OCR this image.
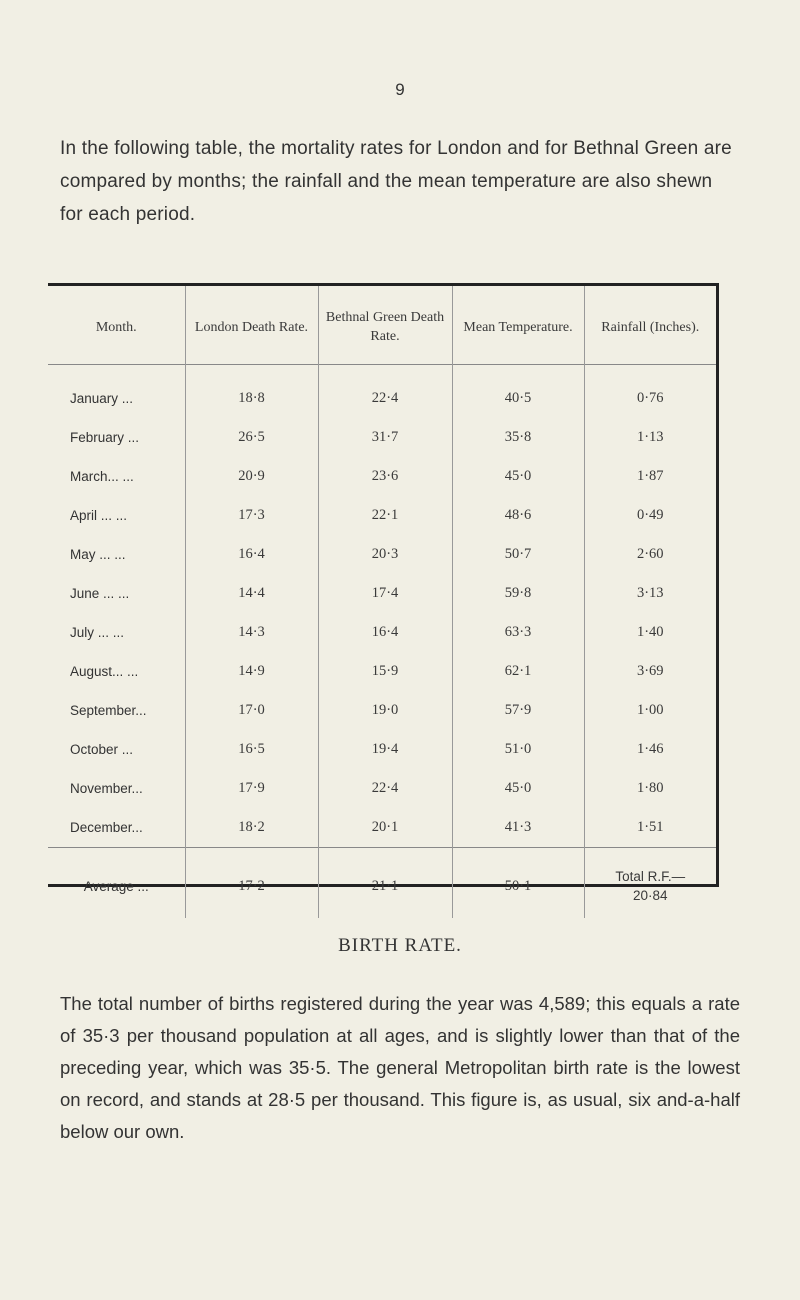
9

In the following table, the mortality rates for London and for Bethnal Green are compared by months; the rainfall and the mean temperature are also shewn for each period.

Month.	London Death Rate.	Bethnal Green Death Rate.	Mean Temperature.	Rainfall (Inches).
January ...	18·8	22·4	40·5	0·76
February ...	26·5	31·7	35·8	1·13
March... ...	20·9	23·6	45·0	1·87
April ... ...	17·3	22·1	48·6	0·49
May ... ...	16·4	20·3	50·7	2·60
June ... ...	14·4	17·4	59·8	3·13
July ... ...	14·3	16·4	63·3	1·40
August... ...	14·9	15·9	62·1	3·69
September...	17·0	19·0	57·9	1·00
October ...	16·5	19·4	51·0	1·46
November...	17·9	22·4	45·0	1·80
December...	18·2	20·1	41·3	1·51
Average ...	17·2	21·1	50·1	Total R.F.—
20·84
BIRTH RATE.

The total number of births registered during the year was 4,589; this equals a rate of 35·3 per thousand population at all ages, and is slightly lower than that of the preceding year, which was 35·5. The general Metropolitan birth rate is the lowest on record, and stands at 28·5 per thousand. This figure is, as usual, six and-a-half below our own.
